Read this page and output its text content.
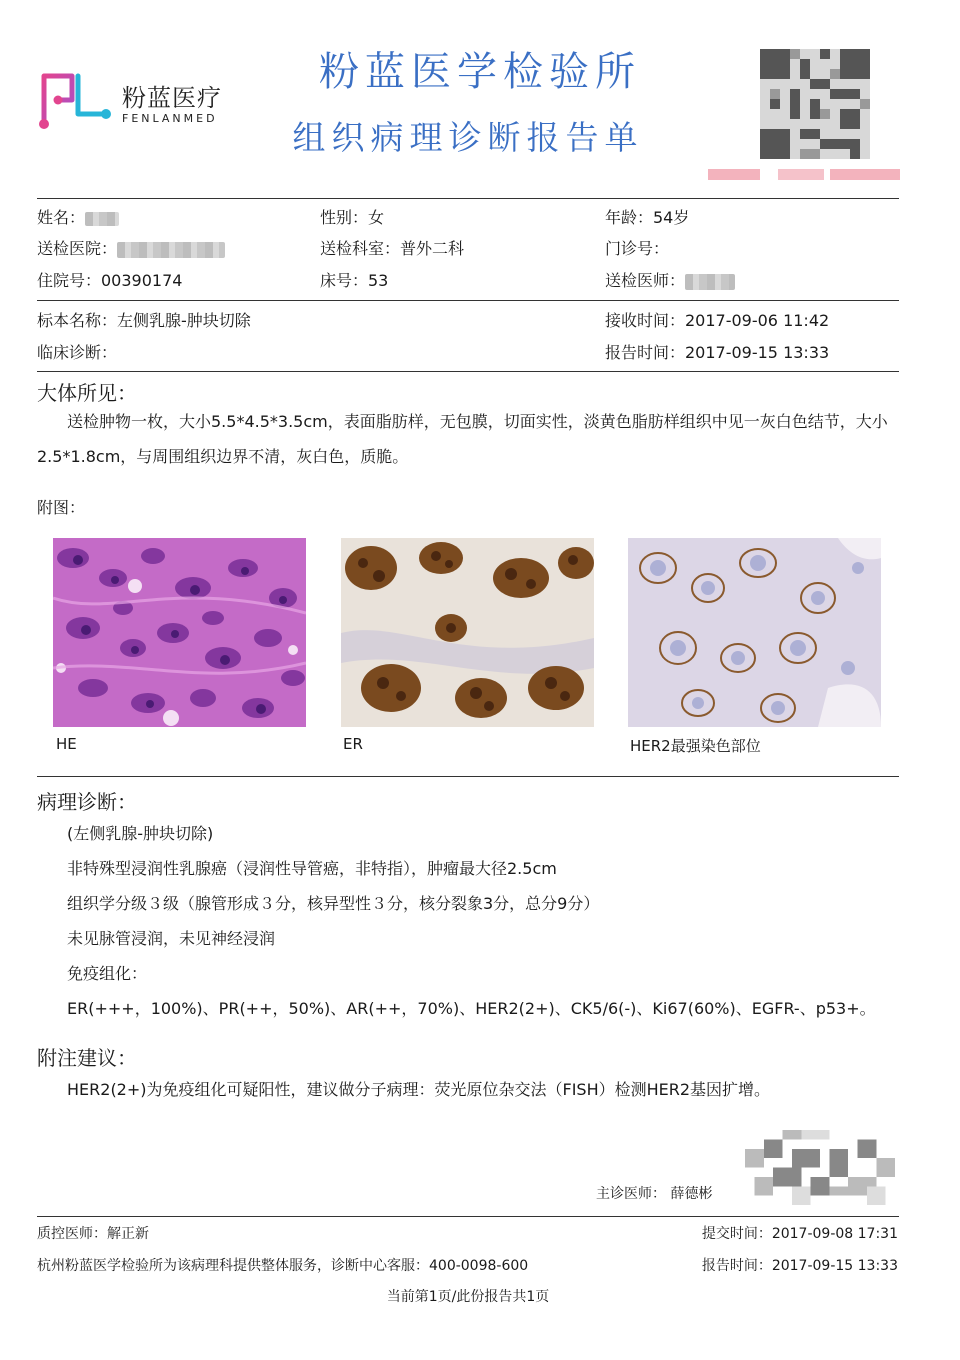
粉蓝医疗
FENLANMED
粉蓝医学检验所
组织病理诊断报告单
姓名：	性别：女	年龄：54岁
送检医院：	送检科室：普外二科	门诊号：
住院号：00390174	床号：53	送检医师：
标本名称：左侧乳腺-肿块切除	接收时间：2017-09-06 11:42
临床诊断：	报告时间：2017-09-15 13:33
大体所见：
送检肿物一枚，大小5.5*4.5*3.5cm，表面脂肪样，无包膜，切面实性，淡黄色脂肪样组织中见一灰白色结节，大小2.5*1.8cm，与周围组织边界不清，灰白色，质脆。
附图：
HE	ER	HER2最强染色部位
病理诊断：
(左侧乳腺-肿块切除)
非特殊型浸润性乳腺癌（浸润性导管癌，非特指），肿瘤最大径2.5cm
组织学分级３级（腺管形成３分，核异型性３分，核分裂象3分，总分9分）
未见脉管浸润，未见神经浸润
免疫组化：
ER(+++，100%)、PR(++，50%)、AR(++，70%)、HER2(2+)、CK5/6(-)、Ki67(60%)、EGFR-、p53+。
附注建议：
HER2(2+)为免疫组化可疑阳性，建议做分子病理：荧光原位杂交法（FISH）检测HER2基因扩增。
主诊医师： 薛德彬
质控医师：解正新	提交时间：2017-09-08 17:31
杭州粉蓝医学检验所为该病理科提供整体服务，诊断中心客服：400-0098-600	报告时间：2017-09-15 13:33
当前第1页/此份报告共1页
